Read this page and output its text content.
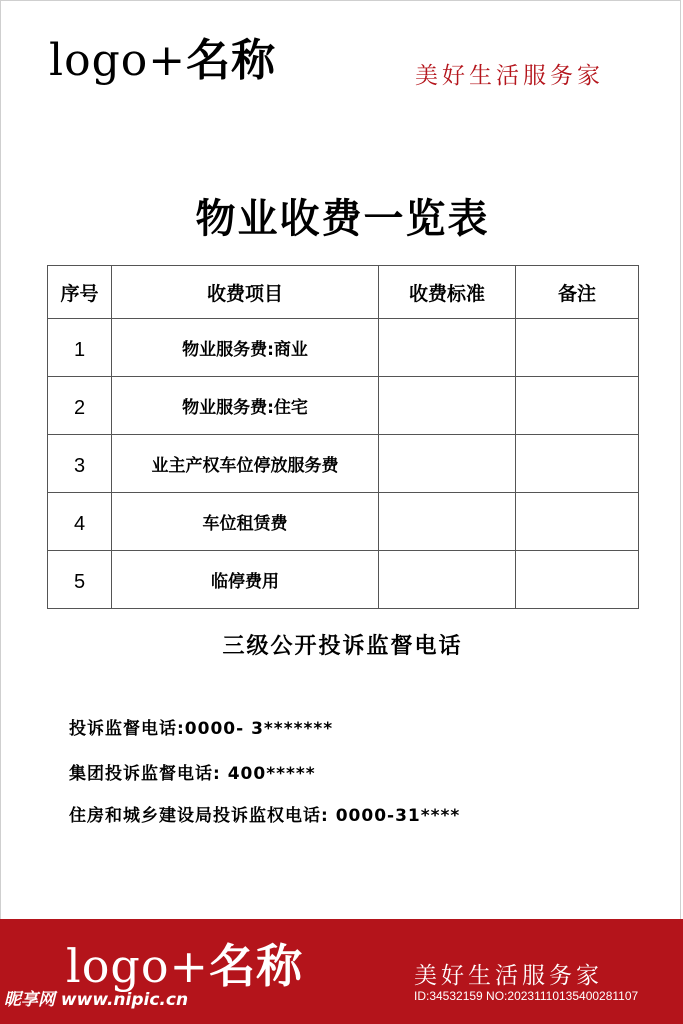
logo+名称	美好生活服务家
物业收费一览表
序号	收费项目	收费标准	备注
1	物业服务费:商业		
2	物业服务费:住宅		
3	业主产权车位停放服务费		
4	车位租赁费		
5	临停费用		
三级公开投诉监督电话
投诉监督电话:0000- 3*******
集团投诉监督电话: 400*****
住房和城乡建设局投诉监权电话: 0000-31****
logo+名称	美好生活服务家
昵享网 www.nipic.cn	ID:34532159 NO:20231110135400281107
